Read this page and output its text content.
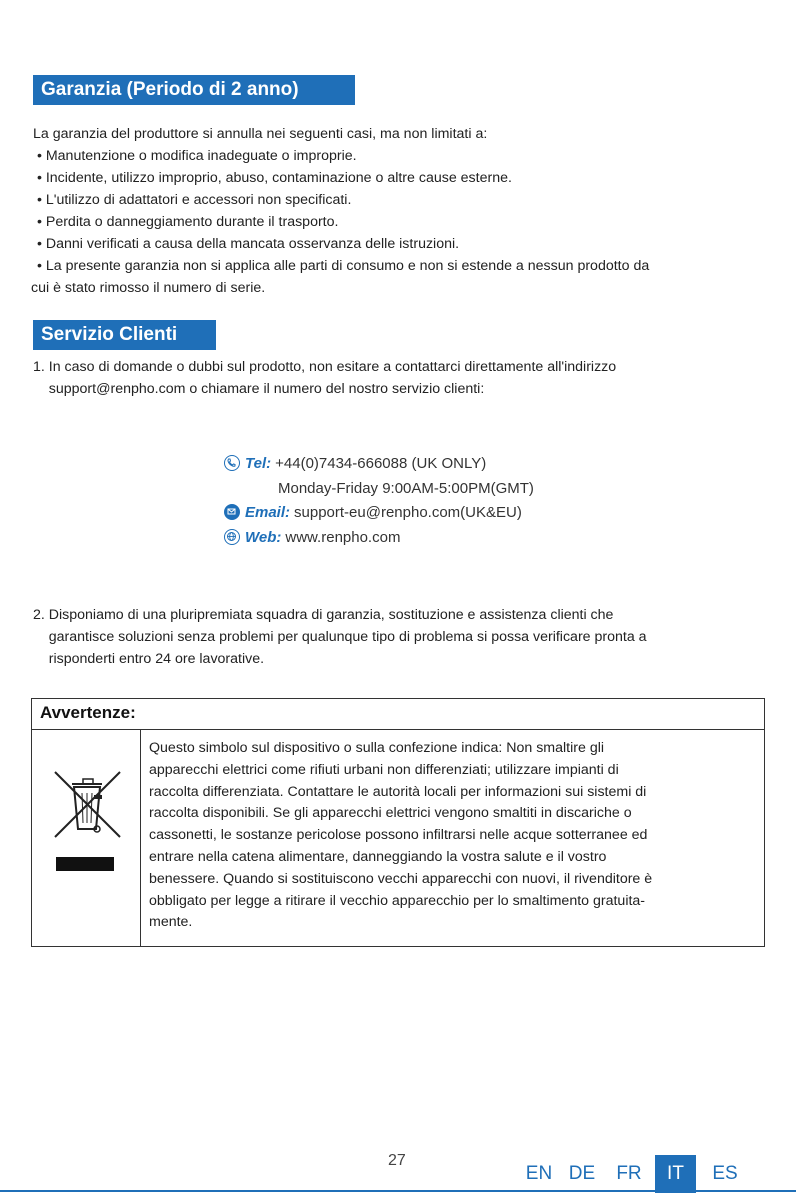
Garanzia (Periodo di 2 anno)
La garanzia del produttore si annulla nei seguenti casi, ma non limitati a:
• Manutenzione o modifica inadeguate o improprie.
• Incidente, utilizzo improprio, abuso, contaminazione o altre cause esterne.
• L'utilizzo di adattatori e accessori non specificati.
• Perdita o danneggiamento durante il trasporto.
• Danni verificati a causa della mancata osservanza delle istruzioni.
• La presente garanzia non si applica alle parti di consumo e non si estende a nessun prodotto da
cui è stato rimosso il numero di serie.
Servizio Clienti
1. In caso di domande o dubbi sul prodotto, non esitare a contattarci direttamente all'indirizzo
support@renpho.com o chiamare il numero del nostro servizio clienti:
Tel: +44(0)7434-666088 (UK ONLY)
Monday-Friday 9:00AM-5:00PM(GMT)
Email: support-eu@renpho.com(UK&EU)
Web: www.renpho.com
2. Disponiamo di una pluripremiata squadra di garanzia, sostituzione e assistenza clienti che
garantisce soluzioni senza problemi per qualunque tipo di problema si possa verificare pronta a
risponderti entro 24 ore lavorative.
Avvertenze:
Questo simbolo sul dispositivo o sulla confezione indica: Non smaltire gli
apparecchi elettrici come rifiuti urbani non differenziati; utilizzare impianti di
raccolta differenziata. Contattare le autorità locali per informazioni sui sistemi di
raccolta disponibili. Se gli apparecchi elettrici vengono smaltiti in discariche o
cassonetti, le sostanze pericolose possono infiltrarsi nelle acque sotterranee ed
entrare nella catena alimentare, danneggiando la vostra salute e il vostro
benessere. Quando si sostituiscono vecchi apparecchi con nuovi, il rivenditore è
obbligato per legge a ritirare il vecchio apparecchio per lo smaltimento gratuita-
mente.
27
EN DE	FR	IT	ES
